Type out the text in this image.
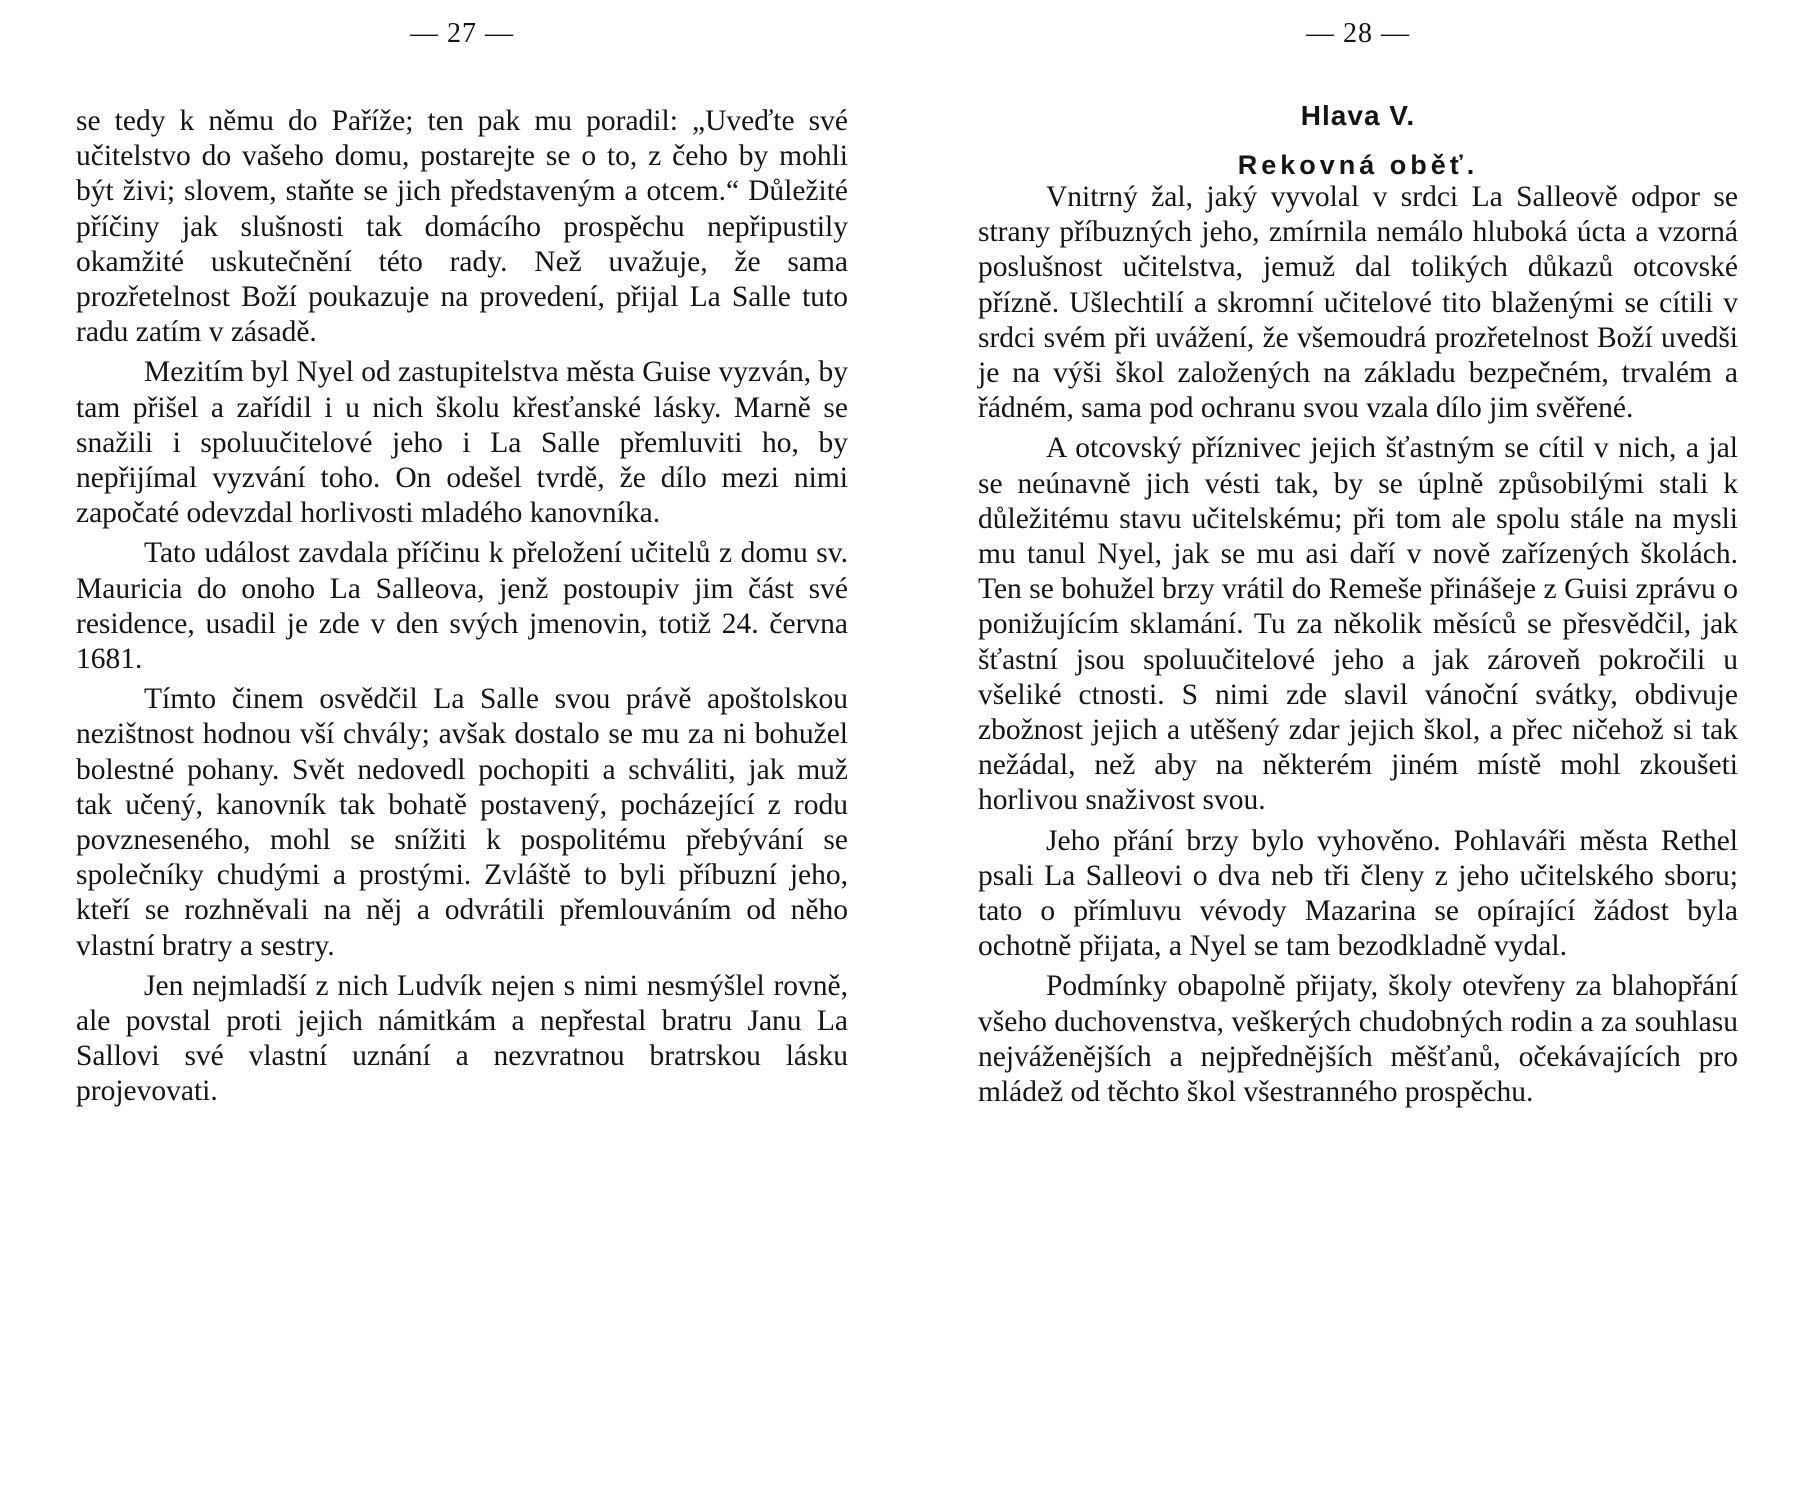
— 27 —

se tedy k němu do Paříže; ten pak mu poradil: „Uveďte své učitelstvo do vašeho domu, postarejte se o to, z čeho by mohli být živi; slovem, staňte se jich představeným a otcem.“ Důležité příčiny jak slušnosti tak domácího prospěchu nepřipustily okamžité uskutečnění této rady. Než uvažuje, že sama prozřetelnost Boží poukazuje na provedení, přijal La Salle tuto radu zatím v zásadě.

Mezitím byl Nyel od zastupitelstva města Guise vyzván, by tam přišel a zařídil i u nich školu křesťanské lásky. Marně se snažili i spoluučitelové jeho i La Salle přemluviti ho, by nepřijímal vyzvání toho. On odešel tvrdě, že dílo mezi nimi započaté odevzdal horlivosti mladého kanovníka.

Tato událost zavdala příčinu k přeložení učitelů z domu sv. Mauricia do onoho La Salleova, jenž postoupiv jim část své residence, usadil je zde v den svých jmenovin, totiž 24. června 1681.

Tímto činem osvědčil La Salle svou právě apoštolskou nezištnost hodnou vší chvály; avšak dostalo se mu za ni bohužel bolestné pohany. Svět nedovedl pochopiti a schváliti, jak muž tak učený, kanovník tak bohatě postavený, pocházející z rodu povzneseného, mohl se snížiti k pospolitému přebývání se společníky chudými a prostými. Zvláště to byli příbuzní jeho, kteří se rozhněvali na něj a odvrátili přemlouváním od něho vlastní bratry a sestry.

Jen nejmladší z nich Ludvík nejen s nimi nesmýšlel rovně, ale povstal proti jejich námitkám a nepřestal bratru Janu La Sallovi své vlastní uznání a nezvratnou bratrskou lásku projevovati.

— 28 —
Hlava V.
Rekovná oběť.

Vnitrný žal, jaký vyvolal v srdci La Salleově odpor se strany příbuzných jeho, zmírnila nemálo hluboká úcta a vzorná poslušnost učitelstva, jemuž dal tolikých důkazů otcovské přízně. Ušlechtilí a skromní učitelové tito blaženými se cítili v srdci svém při uvážení, že všemoudrá prozřetelnost Boží uvedši je na výši škol založených na základu bezpečném, trvalém a řádném, sama pod ochranu svou vzala dílo jim svěřené.

A otcovský příznivec jejich šťastným se cítil v nich, a jal se neúnavně jich vésti tak, by se úplně způsobilými stali k důležitému stavu učitelskému; při tom ale spolu stále na mysli mu tanul Nyel, jak se mu asi daří v nově zařízených školách. Ten se bohužel brzy vrátil do Remeše přinášeje z Guisi zprávu o ponižujícím sklamání. Tu za několik měsíců se přesvědčil, jak šťastní jsou spoluučitelové jeho a jak zároveň pokročili u všeliké ctnosti. S nimi zde slavil vánoční svátky, obdivuje zbožnost jejich a utěšený zdar jejich škol, a přec ničehož si tak nežádal, než aby na některém jiném místě mohl zkoušeti horlivou snaživost svou.

Jeho přání brzy bylo vyhověno. Pohlaváři města Rethel psali La Salleovi o dva neb tři členy z jeho učitelského sboru; tato o přímluvu vévody Mazarina se opírající žádost byla ochotně přijata, a Nyel se tam bezodkladně vydal.

Podmínky obapolně přijaty, školy otevřeny za blahopřání všeho duchovenstva, veškerých chudobných rodin a za souhlasu nejváženějších a nejpřednějších měšťanů, očekávajících pro mládež od těchto škol všestranného prospěchu.
